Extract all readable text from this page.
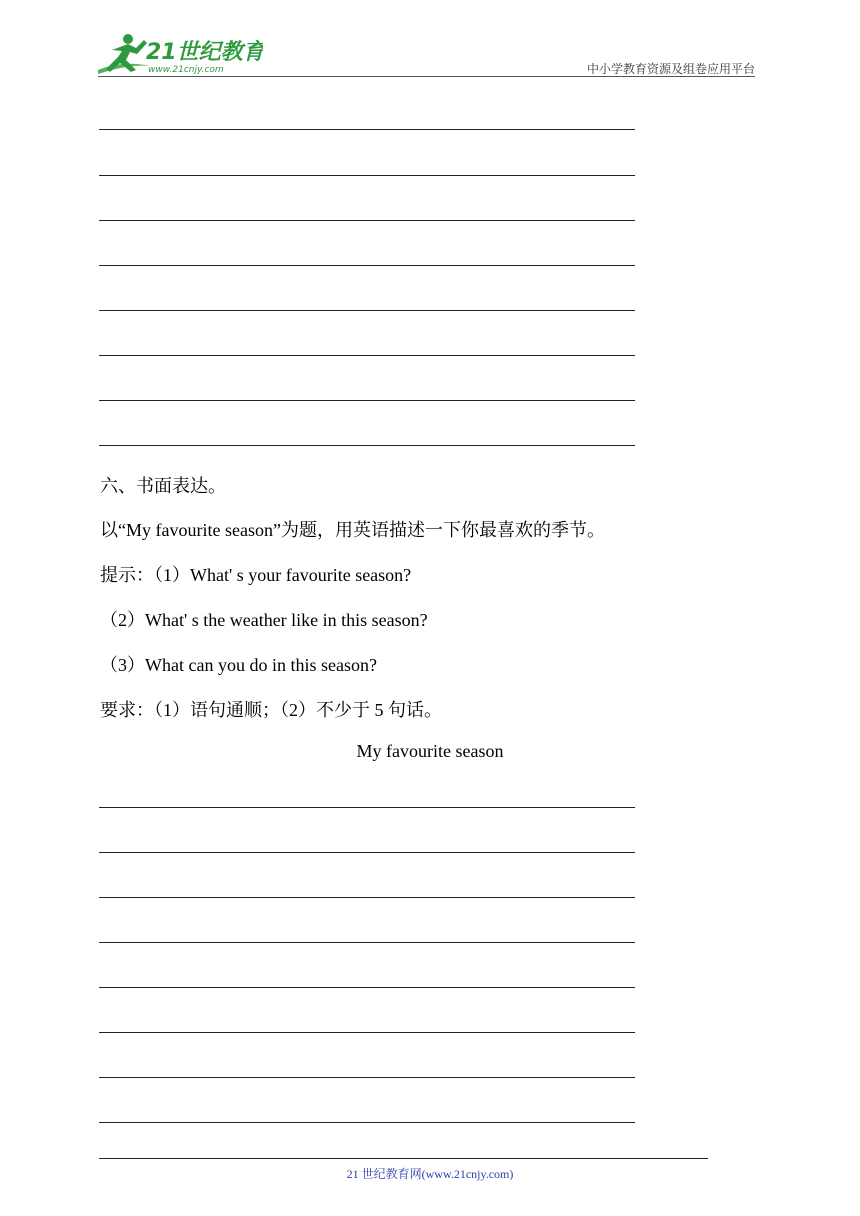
21世纪教育
www.21cnjy.com	中小学教育资源及组卷应用平台
六、书面表达。
以“My favourite season”为题，用英语描述一下你最喜欢的季节。
提示：（1）What' s your favourite season?
（2）What' s the weather like in this season?
（3）What can you do in this season?
要求：（1）语句通顺；（2）不少于 5 句话。
My favourite season
21 世纪教育网(www.21cnjy.com)
